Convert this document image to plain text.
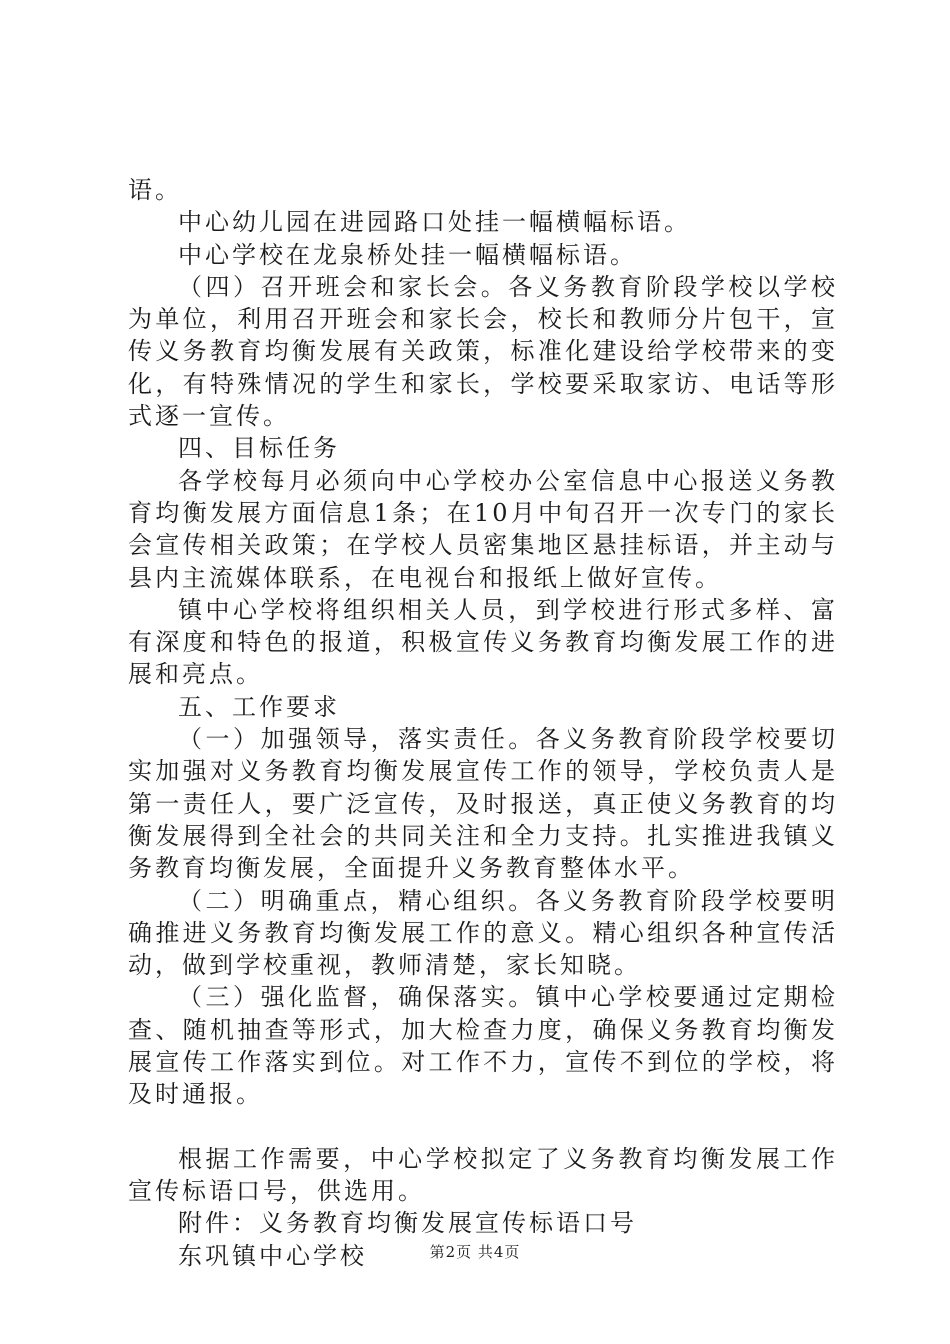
语。

中心幼儿园在进园路口处挂一幅横幅标语。

中心学校在龙泉桥处挂一幅横幅标语。

（四）召开班会和家长会。各义务教育阶段学校以学校为单位，利用召开班会和家长会，校长和教师分片包干，宣传义务教育均衡发展有关政策，标准化建设给学校带来的变化，有特殊情况的学生和家长，学校要采取家访、电话等形式逐一宣传。

四、目标任务

各学校每月必须向中心学校办公室信息中心报送义务教育均衡发展方面信息1条；在10月中旬召开一次专门的家长会宣传相关政策；在学校人员密集地区悬挂标语，并主动与县内主流媒体联系，在电视台和报纸上做好宣传。

镇中心学校将组织相关人员，到学校进行形式多样、富有深度和特色的报道，积极宣传义务教育均衡发展工作的进展和亮点。

五、工作要求

（一）加强领导，落实责任。各义务教育阶段学校要切实加强对义务教育均衡发展宣传工作的领导，学校负责人是第一责任人，要广泛宣传，及时报送，真正使义务教育的均衡发展得到全社会的共同关注和全力支持。扎实推进我镇义务教育均衡发展，全面提升义务教育整体水平。

（二）明确重点，精心组织。各义务教育阶段学校要明确推进义务教育均衡发展工作的意义。精心组织各种宣传活动，做到学校重视，教师清楚，家长知晓。

（三）强化监督，确保落实。镇中心学校要通过定期检查、随机抽查等形式，加大检查力度，确保义务教育均衡发展宣传工作落实到位。对工作不力，宣传不到位的学校，将及时通报。

根据工作需要，中心学校拟定了义务教育均衡发展工作宣传标语口号，供选用。

附件：义务教育均衡发展宣传标语口号

东巩镇中心学校	第2页 共4页
